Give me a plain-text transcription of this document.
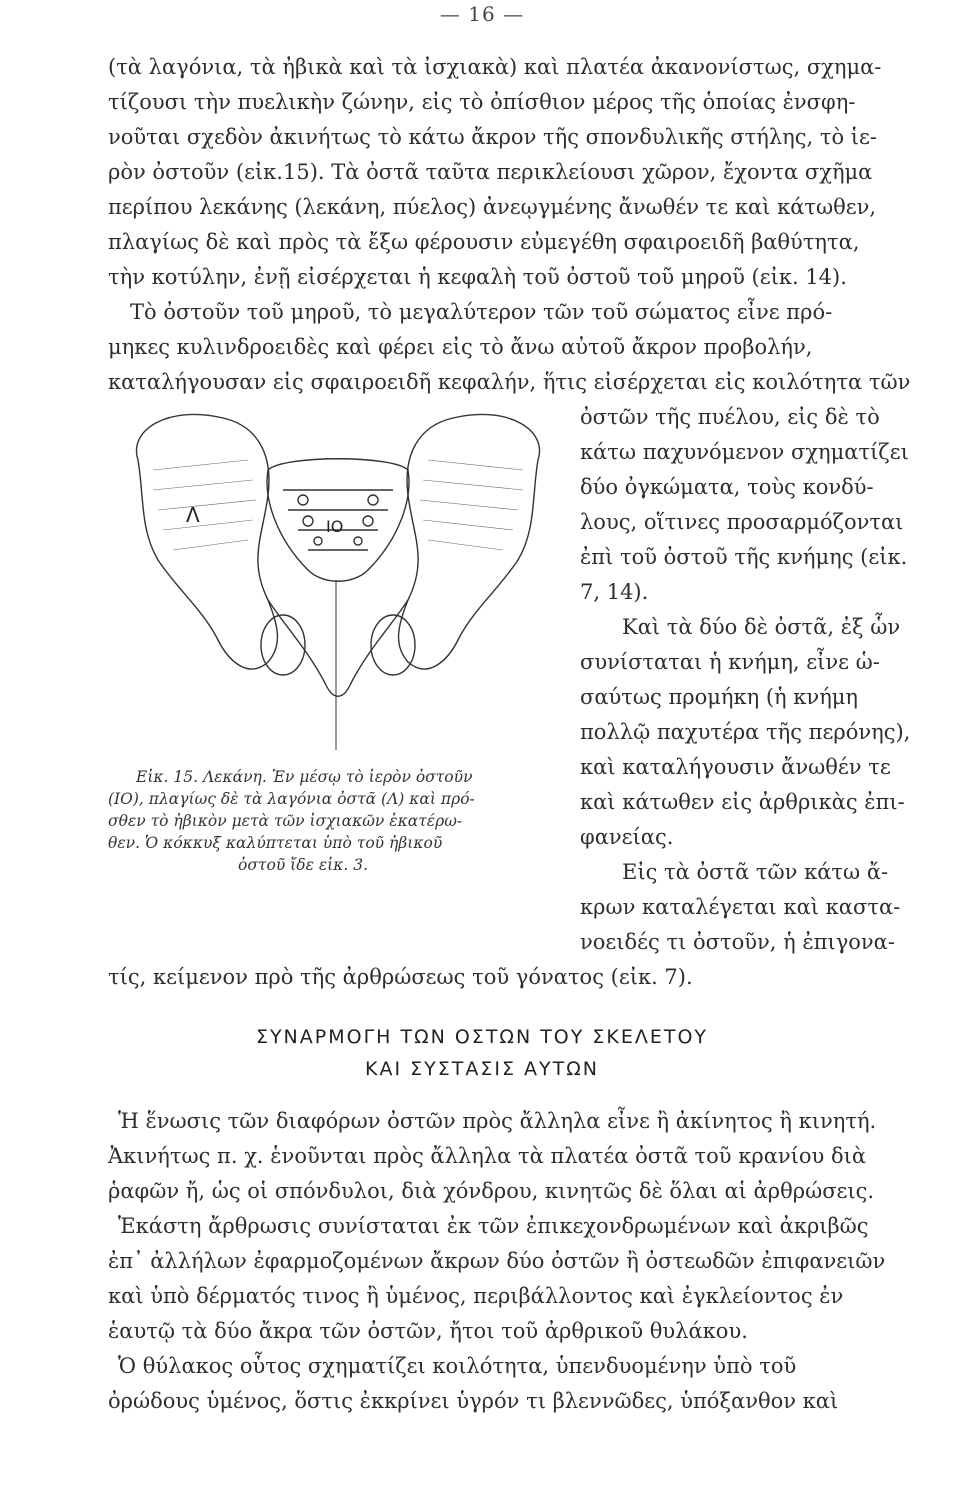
— 16 —
(τὰ λαγόνια, τὰ ἠβικὰ καὶ τὰ ἰσχιακὰ) καὶ πλατέα ἀκανονίστως, σχημα-
τίζουσι τὴν πυελικὴν ζώνην, εἰς τὸ ὀπίσθιον μέρος τῆς ὁποίας ἐνσφη-
νοῦται σχεδὸν ἀκινήτως τὸ κάτω ἄκρον τῆς σπονδυλικῆς στήλης, τὸ ἱε-
ρὸν ὀστοῦν (εἰκ.15). Τὰ ὀστᾶ ταῦτα περικλείουσι χῶρον, ἔχοντα σχῆμα
περίπου λεκάνης (λεκάνη, πύελος) ἀνεῳγμένης ἄνωθέν τε καὶ κάτωθεν,
πλαγίως δὲ καὶ πρὸς τὰ ἔξω φέρουσιν εὐμεγέθη σφαιροειδῆ βαθύτητα,
τὴν κοτύλην, ἐνῇ εἰσέρχεται ἡ κεφαλὴ τοῦ ὀστοῦ τοῦ μηροῦ (εἰκ. 14).
Τὸ ὀστοῦν τοῦ μηροῦ, τὸ μεγαλύτερον τῶν τοῦ σώματος εἶνε πρό-
μηκες κυλινδροειδὲς καὶ φέρει εἰς τὸ ἄνω αὐτοῦ ἄκρον προβολήν,
καταλήγουσαν εἰς σφαιροειδῆ κεφαλήν, ἥτις εἰσέρχεται εἰς κοιλότητα τῶν
Λ	ΙΟ
Εἰκ. 15. Λεκάνη. Ἐν μέσῳ τὸ ἱερὸν ὀστοῦν
(ΙΟ), πλαγίως δὲ τὰ λαγόνια ὀστᾶ (Λ) καὶ πρό-
σθεν τὸ ἠβικὸν μετὰ τῶν ἰσχιακῶν ἑκατέρω-
θεν. Ὁ κόκκυξ καλύπτεται ὑπὸ τοῦ ἠβικοῦ
ὀστοῦ ἴδε εἰκ. 3.
ὀστῶν τῆς πυέλου, εἰς δὲ τὸ
κάτω παχυνόμενον σχηματίζει
δύο ὀγκώματα, τοὺς κονδύ-
λους, οἵτινες προσαρμόζονται
ἐπὶ τοῦ ὀστοῦ τῆς κνήμης (εἰκ.
7, 14).
Καὶ τὰ δύο δὲ ὀστᾶ, ἐξ ὧν
συνίσταται ἡ κνήμη, εἶνε ὡ-
σαύτως προμήκη (ἡ κνήμη
πολλῷ παχυτέρα τῆς περόνης),
καὶ καταλήγουσιν ἄνωθέν τε
καὶ κάτωθεν εἰς ἀρθρικὰς ἐπι-
φανείας.
Εἰς τὰ ὀστᾶ τῶν κάτω ἄ-
κρων καταλέγεται καὶ καστα-
νοειδές τι ὀστοῦν, ἡ ἐπιγονα-
τίς, κείμενον πρὸ τῆς ἀρθρώσεως τοῦ γόνατος (εἰκ. 7).
ΣΥΝΑΡΜΟΓΗ ΤΩΝ ΟΣΤΩΝ ΤΟΥ ΣΚΕΛΕΤΟΥ
ΚΑΙ ΣΥΣΤΑΣΙΣ ΑΥΤΩΝ
Ἡ ἕνωσις τῶν διαφόρων ὀστῶν πρὸς ἄλληλα εἶνε ἢ ἀκίνητος ἢ κινητή.
Ἀκινήτως π. χ. ἑνοῦνται πρὸς ἄλληλα τὰ πλατέα ὀστᾶ τοῦ κρανίου διὰ
ῥαφῶν ἤ, ὡς οἱ σπόνδυλοι, διὰ χόνδρου, κινητῶς δὲ ὅλαι αἱ ἀρθρώσεις.
Ἑκάστη ἄρθρωσις συνίσταται ἐκ τῶν ἐπικεχονδρωμένων καὶ ἀκριβῶς
ἐπ᾿ ἀλλήλων ἐφαρμοζομένων ἄκρων δύο ὀστῶν ἢ ὀστεωδῶν ἐπιφανειῶν
καὶ ὑπὸ δέρματός τινος ἢ ὑμένος, περιβάλλοντος καὶ ἐγκλείοντος ἐν
ἑαυτῷ τὰ δύο ἄκρα τῶν ὀστῶν, ἤτοι τοῦ ἀρθρικοῦ θυλάκου.
Ὁ θύλακος οὗτος σχηματίζει κοιλότητα, ὑπενδυομένην ὑπὸ τοῦ
ὀρώδους ὑμένος, ὅστις ἐκκρίνει ὑγρόν τι βλεννῶδες, ὑπόξανθον καὶ
